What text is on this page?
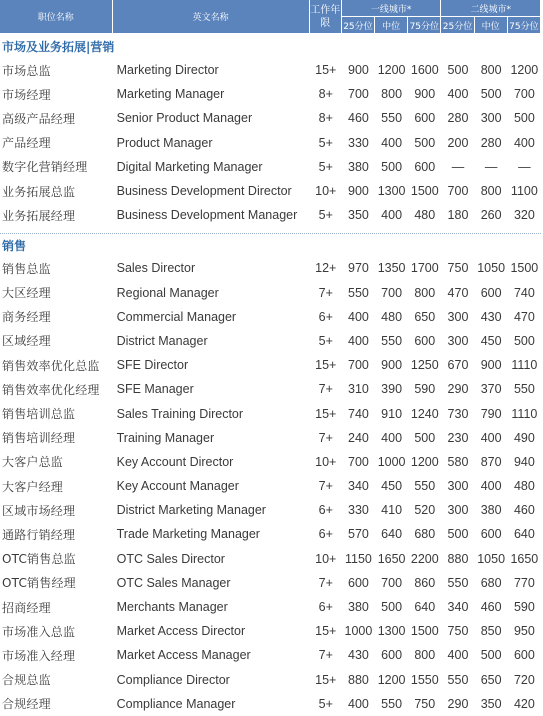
职位名称	英文名称	工作年限	一线城市*			二线城市*		
			25分位	中位	75分位	25分位	中位	75分位
市场及业务拓展|营销								
市场总监	Marketing Director	15+	900	1200	1600	500	800	1200
市场经理	Marketing Manager	8+	700	800	900	400	500	700
高级产品经理	Senior Product Manager	8+	460	550	600	280	300	500
产品经理	Product Manager	5+	330	400	500	200	280	400
数字化营销经理	Digital Marketing Manager	5+	380	500	600	—	—	—
业务拓展总监	Business Development Director	10+	900	1300	1500	700	800	1100
业务拓展经理	Business Development Manager	5+	350	400	480	180	260	320

销售								
销售总监	Sales Director	12+	970	1350	1700	750	1050	1500
大区经理	Regional Manager	7+	550	700	800	470	600	740
商务经理	Commercial Manager	6+	400	480	650	300	430	470
区域经理	District Manager	5+	400	550	600	300	450	500
销售效率优化总监	SFE Director	15+	700	900	1250	670	900	1110
销售效率优化经理	SFE Manager	7+	310	390	590	290	370	550
销售培训总监	Sales Training Director	15+	740	910	1240	730	790	1110
销售培训经理	Training Manager	7+	240	400	500	230	400	490
大客户总监	Key Account Director	10+	700	1000	1200	580	870	940
大客户经理	Key Account Manager	7+	340	450	550	300	400	480
区域市场经理	District Marketing Manager	6+	330	410	520	300	380	460
通路行销经理	Trade Marketing Manager	6+	570	640	680	500	600	640
OTC销售总监	OTC Sales Director	10+	1150	1650	2200	880	1050	1650
OTC销售经理	OTC Sales Manager	7+	600	700	860	550	680	770
招商经理	Merchants Manager	6+	380	500	640	340	460	590
市场准入总监	Market Access Director	15+	1000	1300	1500	750	850	950
市场准入经理	Market Access Manager	7+	430	600	800	400	500	600
合规总监	Compliance Director	15+	880	1200	1550	550	650	720
合规经理	Compliance Manager	5+	400	550	750	290	350	420
